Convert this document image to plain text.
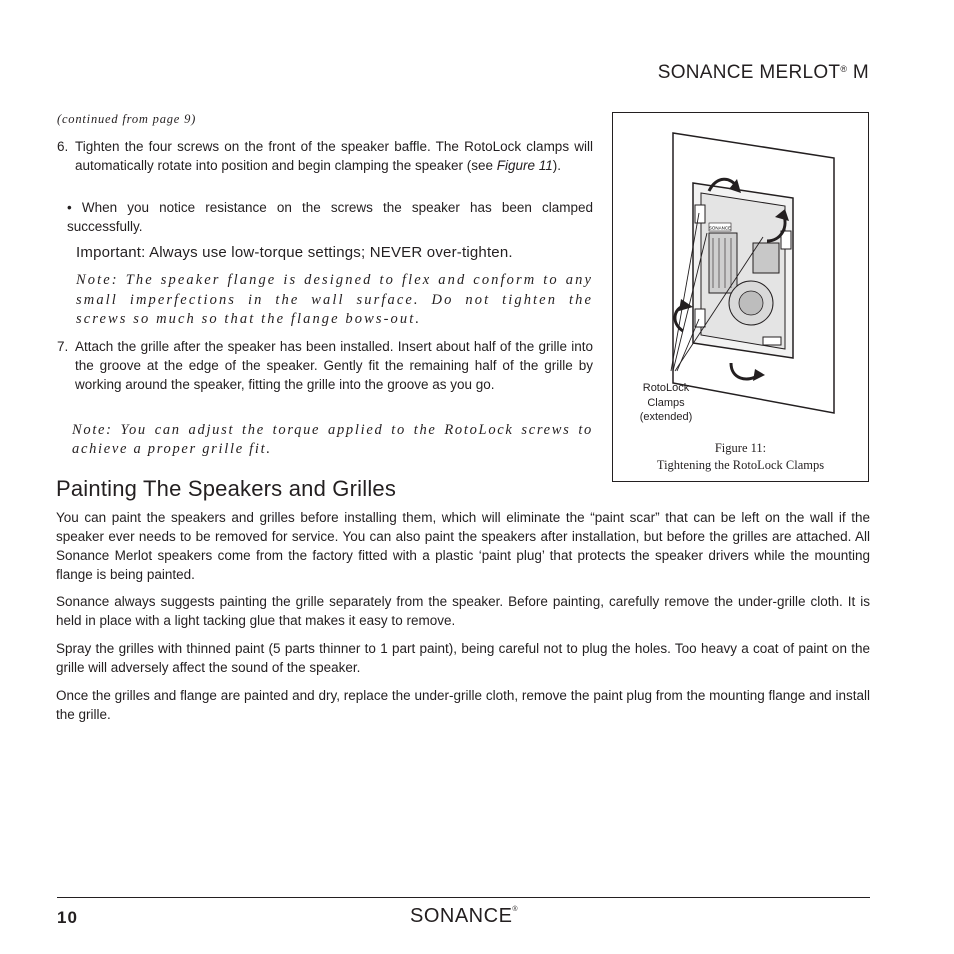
SONANCE MERLOT® M
(continued from page 9)
6. Tighten the four screws on the front of the speaker baffle. The RotoLock clamps will automatically rotate into position and begin clamping the speaker (see Figure 11).
• When you notice resistance on the screws the speaker has been clamped successfully.
Important: Always use low-torque settings; NEVER over-tighten.
Note: The speaker flange is designed to flex and conform to any small imperfections in the wall surface. Do not tighten the screws so much so that the flange bows-out.
7. Attach the grille after the speaker has been installed. Insert about half of the grille into the groove at the edge of the speaker. Gently fit the remaining half of the grille by working around the speaker, fitting the grille into the groove as you go.
Note: You can adjust the torque applied to the RotoLock screws to achieve a proper grille fit.
SONANCE
RotoLock
Clamps
(extended)
Figure 11:
Tightening the RotoLock Clamps
Painting The Speakers and Grilles
You can paint the speakers and grilles before installing them, which will eliminate the “paint scar” that can be left on the wall if the speaker ever needs to be removed for service. You can also paint the speakers after installation, but before the grilles are attached. All Sonance Merlot speakers come from the factory fitted with a plastic ‘paint plug’ that protects the speaker drivers while the mounting flange is being painted.
Sonance always suggests painting the grille separately from the speaker. Before painting, carefully remove the under-grille cloth. It is held in place with a light tacking glue that makes it easy to remove.
Spray the grilles with thinned paint (5 parts thinner to 1 part paint), being careful not to plug the holes. Too heavy a coat of paint on the grille will adversely affect the sound of the speaker.
Once the grilles and flange are painted and dry, replace the under-grille cloth, remove the paint plug from the mounting flange and install the grille.
10	SONANCE®
